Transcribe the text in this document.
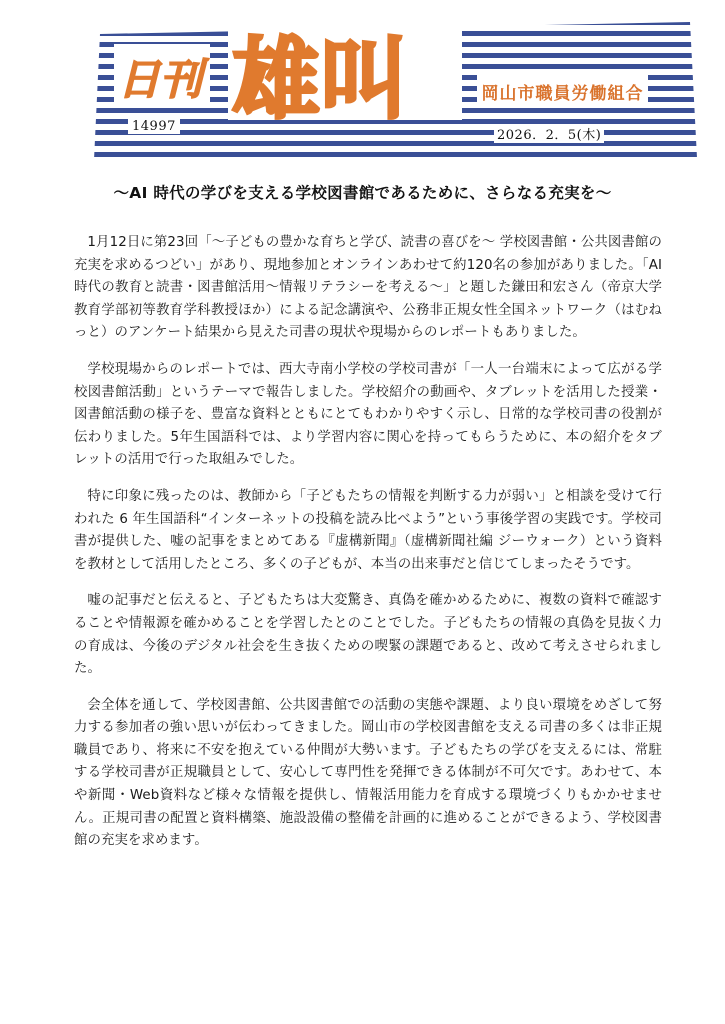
日刊 雄叫	岡山市職員労働組合
14997
2026．2．5(木)
～AI 時代の学びを支える学校図書館であるために、さらなる充実を～

1月12日に第23回「～子どもの豊かな育ちと学び、読書の喜びを～ 学校図書館・公共図書館の充実を求めるつどい」があり、現地参加とオンラインあわせて約120名の参加がありました。「AI時代の教育と読書・図書館活用～情報リテラシーを考える～」と題した鎌田和宏さん（帝京大学教育学部初等教育学科教授ほか）による記念講演や、公務非正規女性全国ネットワーク（はむねっと）のアンケート結果から見えた司書の現状や現場からのレポートもありました。

学校現場からのレポートでは、西大寺南小学校の学校司書が「一人一台端末によって広がる学校図書館活動」というテーマで報告しました。学校紹介の動画や、タブレットを活用した授業・図書館活動の様子を、豊富な資料とともにとてもわかりやすく示し、日常的な学校司書の役割が伝わりました。5年生国語科では、より学習内容に関心を持ってもらうために、本の紹介をタブレットの活用で行った取組みでした。

特に印象に残ったのは、教師から「子どもたちの情報を判断する力が弱い」と相談を受けて行われた 6 年生国語科“インターネットの投稿を読み比べよう”という事後学習の実践です。学校司書が提供した、嘘の記事をまとめてある『虚構新聞』（虚構新聞社編 ジーウォーク）という資料を教材として活用したところ、多くの子どもが、本当の出来事だと信じてしまったそうです。

嘘の記事だと伝えると、子どもたちは大変驚き、真偽を確かめるために、複数の資料で確認することや情報源を確かめることを学習したとのことでした。子どもたちの情報の真偽を見抜く力の育成は、今後のデジタル社会を生き抜くための喫緊の課題であると、改めて考えさせられました。

会全体を通して、学校図書館、公共図書館での活動の実態や課題、より良い環境をめざして努力する参加者の強い思いが伝わってきました。岡山市の学校図書館を支える司書の多くは非正規職員であり、将来に不安を抱えている仲間が大勢います。子どもたちの学びを支えるには、常駐する学校司書が正規職員として、安心して専門性を発揮できる体制が不可欠です。あわせて、本や新聞・Web資料など様々な情報を提供し、情報活用能力を育成する環境づくりもかかせません。正規司書の配置と資料構築、施設設備の整備を計画的に進めることができるよう、学校図書館の充実を求めます。
